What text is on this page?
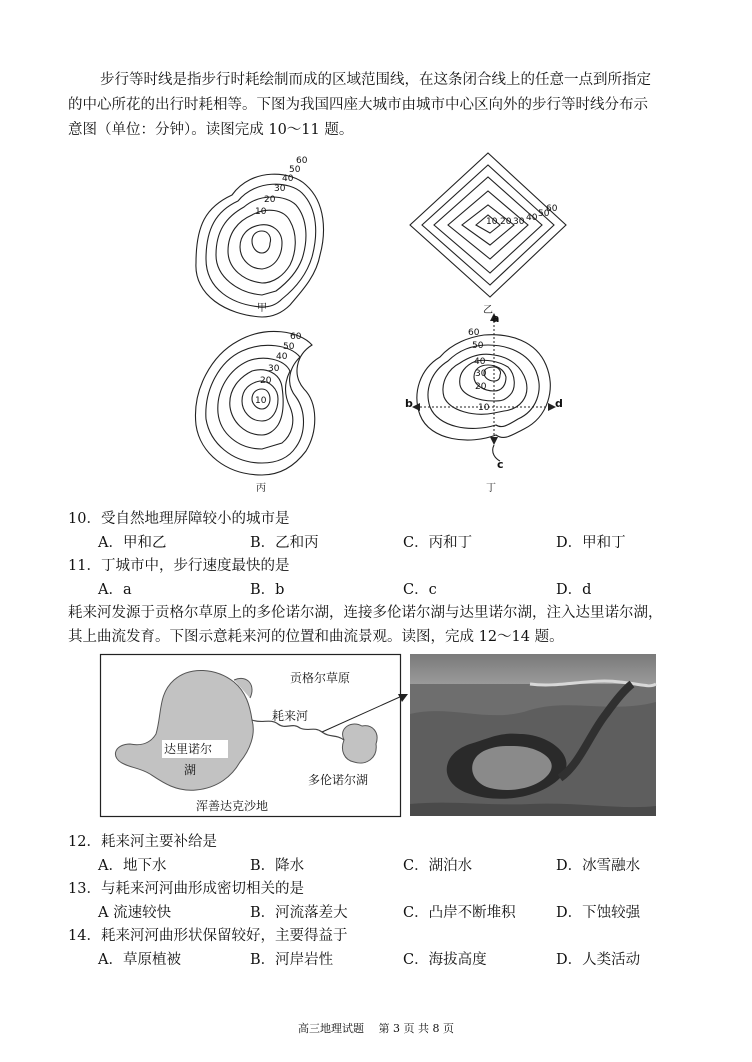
步行等时线是指步行时耗绘制而成的区域范围线，在这条闭合线上的任意一点到所指定
的中心所花的出行时耗相等。下图为我国四座大城市由城市中心区向外的步行等时线分布示
意图（单位：分钟）。读图完成 10～11 题。
10
20
30
40
50
60
10 20 30 40 50
60
10
20
30
40
50
60
10
20
30
40
50
60
a
b
c
d
甲	乙
丙	丁
10．受自然地理屏障较小的城市是
A．甲和乙	B．乙和丙	C．丙和丁	D．甲和丁
11．丁城市中，步行速度最快的是
A．a	B．b	C．c	D．d
耗来河发源于贡格尔草原上的多伦诺尔湖，连接多伦诺尔湖与达里诺尔湖，注入达里诺尔湖，
其上曲流发育。下图示意耗来河的位置和曲流景观。读图，完成 12～14 题。
达里诺尔
湖
贡格尔草原
耗来河
多伦诺尔湖
浑善达克沙地
12．耗来河主要补给是
A．地下水	B．降水	C．湖泊水	D．冰雪融水
13．与耗来河河曲形成密切相关的是
A 流速较快	B．河流落差大	C．凸岸不断堆积	D．下蚀较强
14．耗来河河曲形状保留较好，主要得益于
A．草原植被	B．河岸岩性	C．海拔高度	D．人类活动
高三地理试题　 第 3 页 共 8 页
